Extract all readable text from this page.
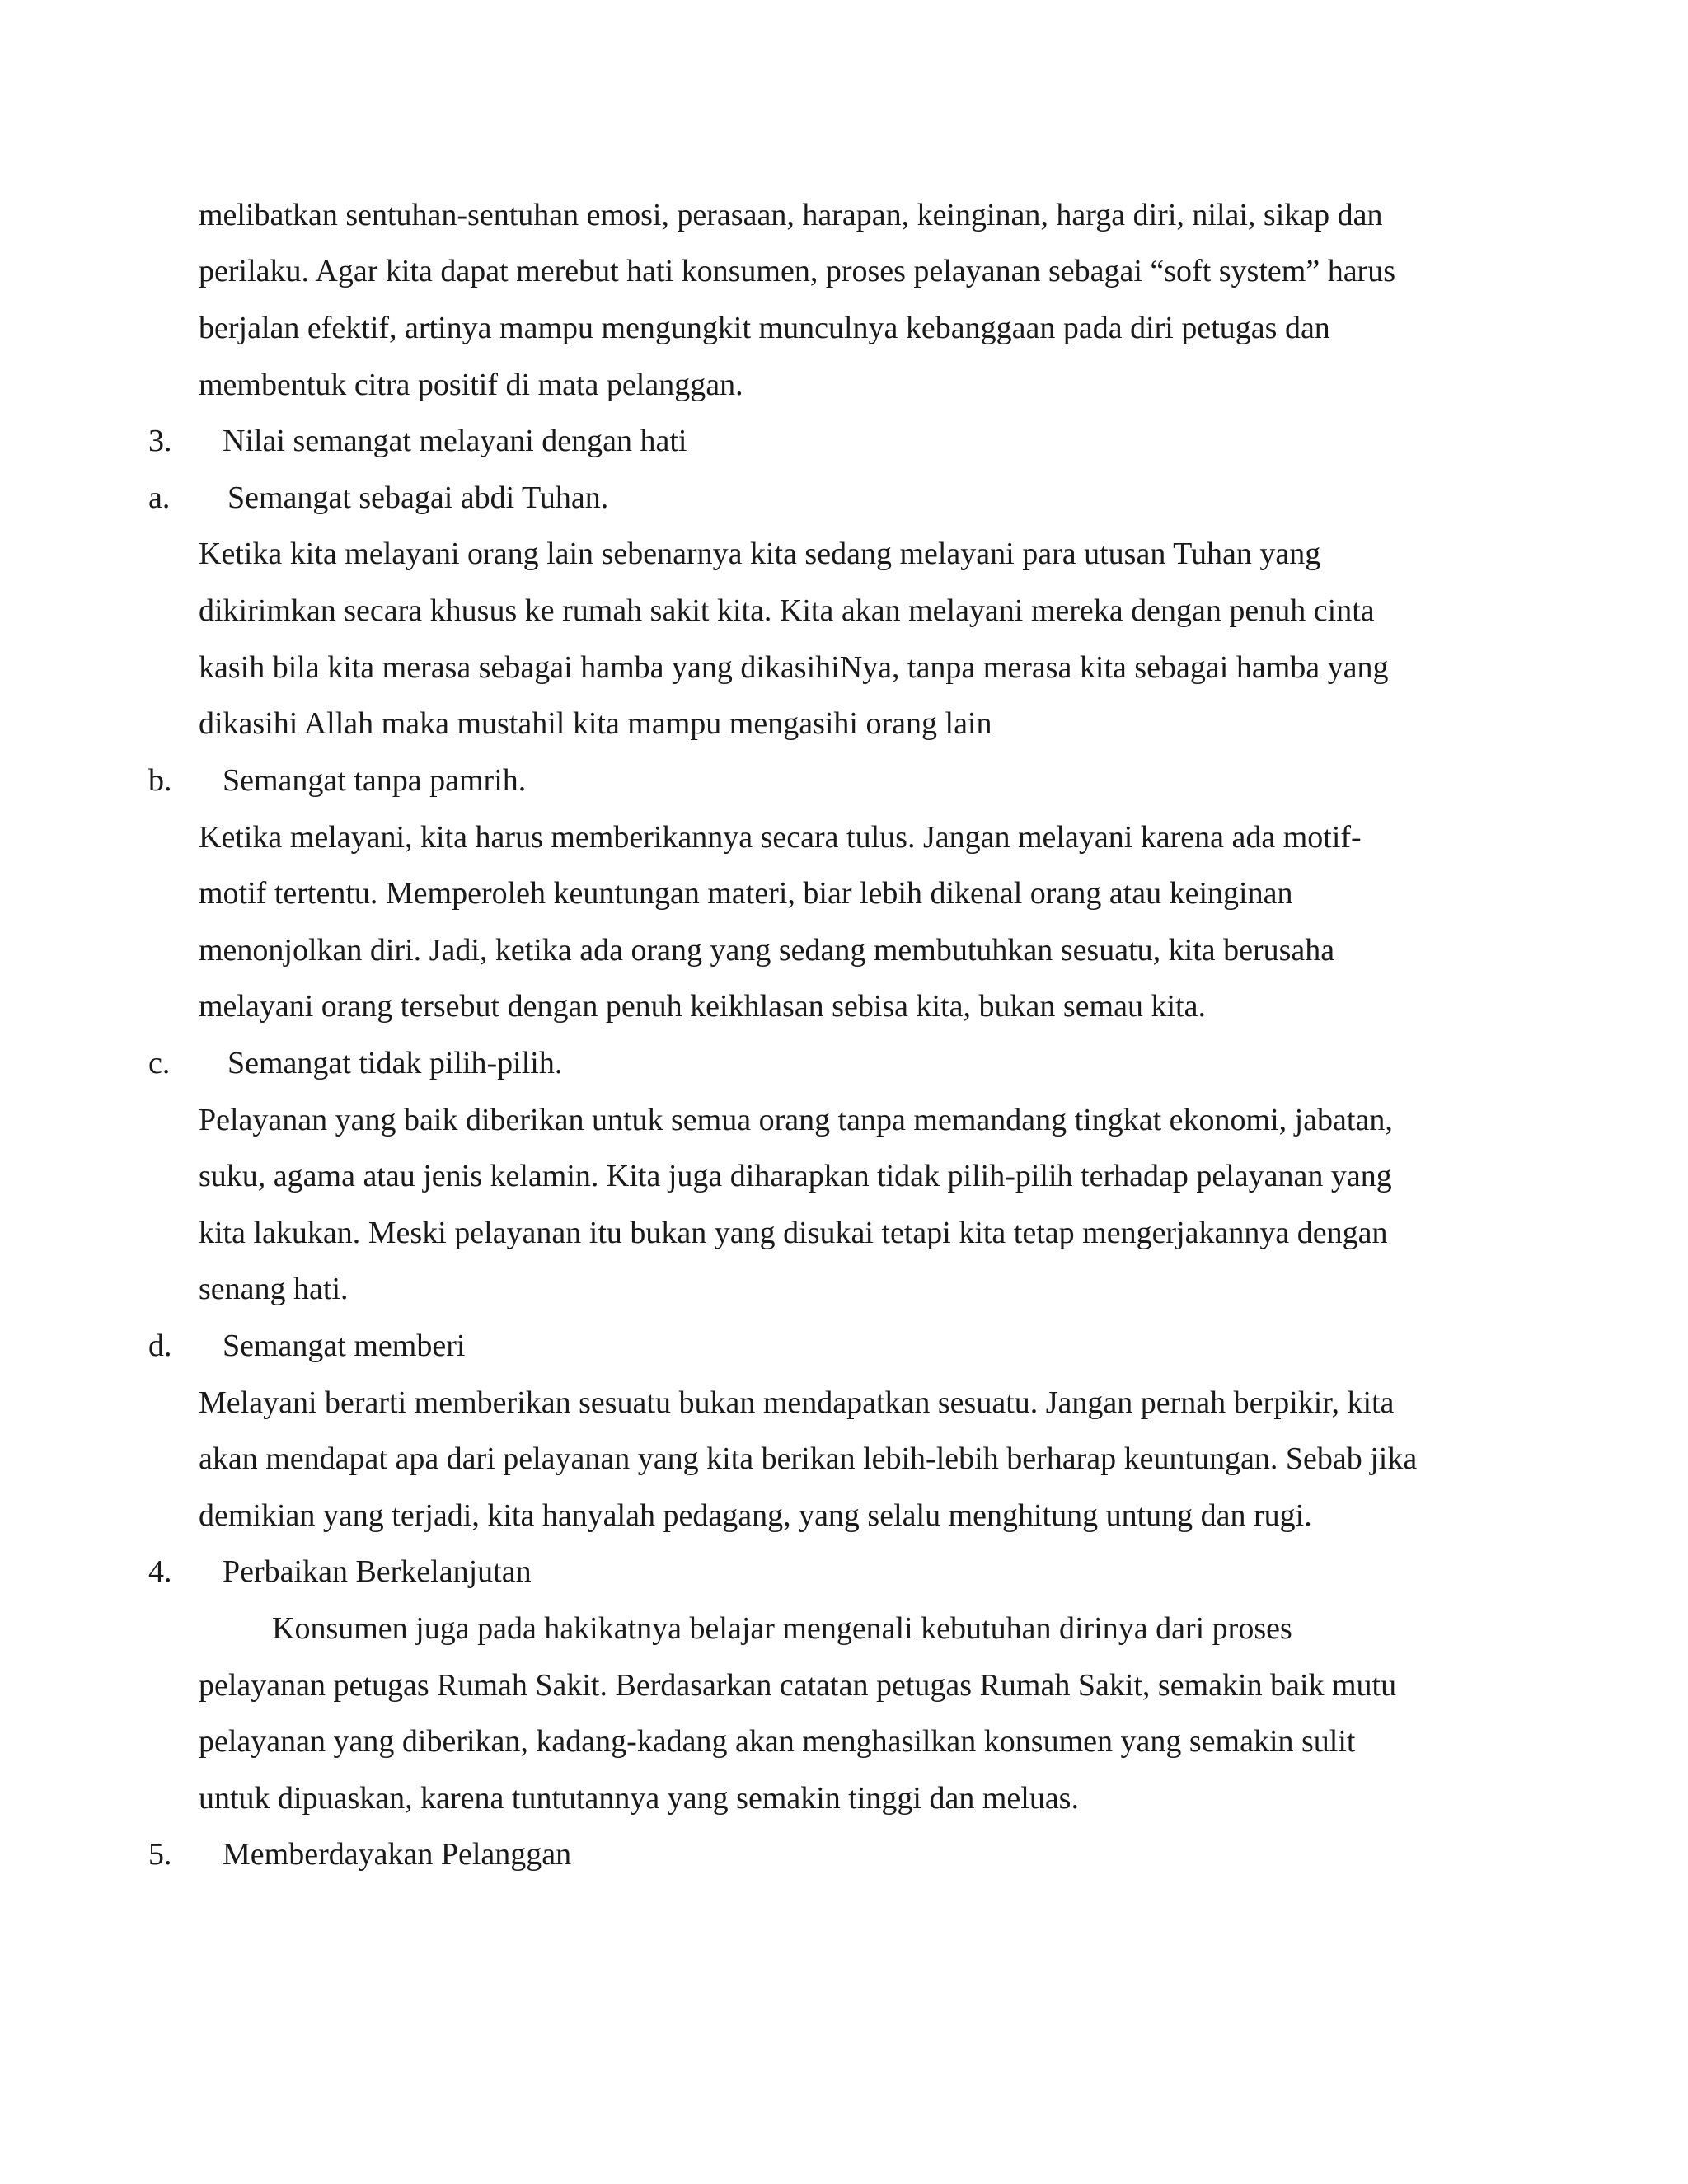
melibatkan sentuhan-sentuhan emosi, perasaan, harapan, keinginan, harga diri, nilai, sikap dan

perilaku. Agar kita dapat merebut hati konsumen, proses pelayanan sebagai “soft system” harus

berjalan efektif, artinya mampu mengungkit munculnya kebanggaan pada diri petugas dan

membentuk citra positif di mata pelanggan.

3. Nilai semangat melayani dengan hati

a. Semangat sebagai abdi Tuhan.

Ketika kita melayani orang lain sebenarnya kita sedang melayani para utusan Tuhan yang

dikirimkan secara khusus ke rumah sakit kita. Kita akan melayani mereka dengan penuh cinta

kasih bila kita merasa sebagai hamba yang dikasihiNya, tanpa merasa kita sebagai hamba yang

dikasihi Allah maka mustahil kita mampu mengasihi orang lain

b. Semangat tanpa pamrih.

Ketika melayani, kita harus memberikannya secara tulus. Jangan melayani karena ada motif-

motif tertentu. Memperoleh keuntungan materi, biar lebih dikenal orang atau keinginan

menonjolkan diri. Jadi, ketika ada orang yang sedang membutuhkan sesuatu, kita berusaha

melayani orang tersebut dengan penuh keikhlasan sebisa kita, bukan semau kita.

c. Semangat tidak pilih-pilih.

Pelayanan yang baik diberikan untuk semua orang tanpa memandang tingkat ekonomi, jabatan,

suku, agama atau jenis kelamin. Kita juga diharapkan tidak pilih-pilih terhadap pelayanan yang

kita lakukan. Meski pelayanan itu bukan yang disukai tetapi kita tetap mengerjakannya dengan

senang hati.

d. Semangat memberi

Melayani berarti memberikan sesuatu bukan mendapatkan sesuatu. Jangan pernah berpikir, kita

akan mendapat apa dari pelayanan yang kita berikan lebih-lebih berharap keuntungan. Sebab jika

demikian yang terjadi, kita hanyalah pedagang, yang selalu menghitung untung dan rugi.

4. Perbaikan Berkelanjutan

Konsumen juga pada hakikatnya belajar mengenali kebutuhan dirinya dari proses

pelayanan petugas Rumah Sakit. Berdasarkan catatan petugas Rumah Sakit, semakin baik mutu

pelayanan yang diberikan, kadang-kadang akan menghasilkan konsumen yang semakin sulit

untuk dipuaskan, karena tuntutannya yang semakin tinggi dan meluas.

5. Memberdayakan Pelanggan
